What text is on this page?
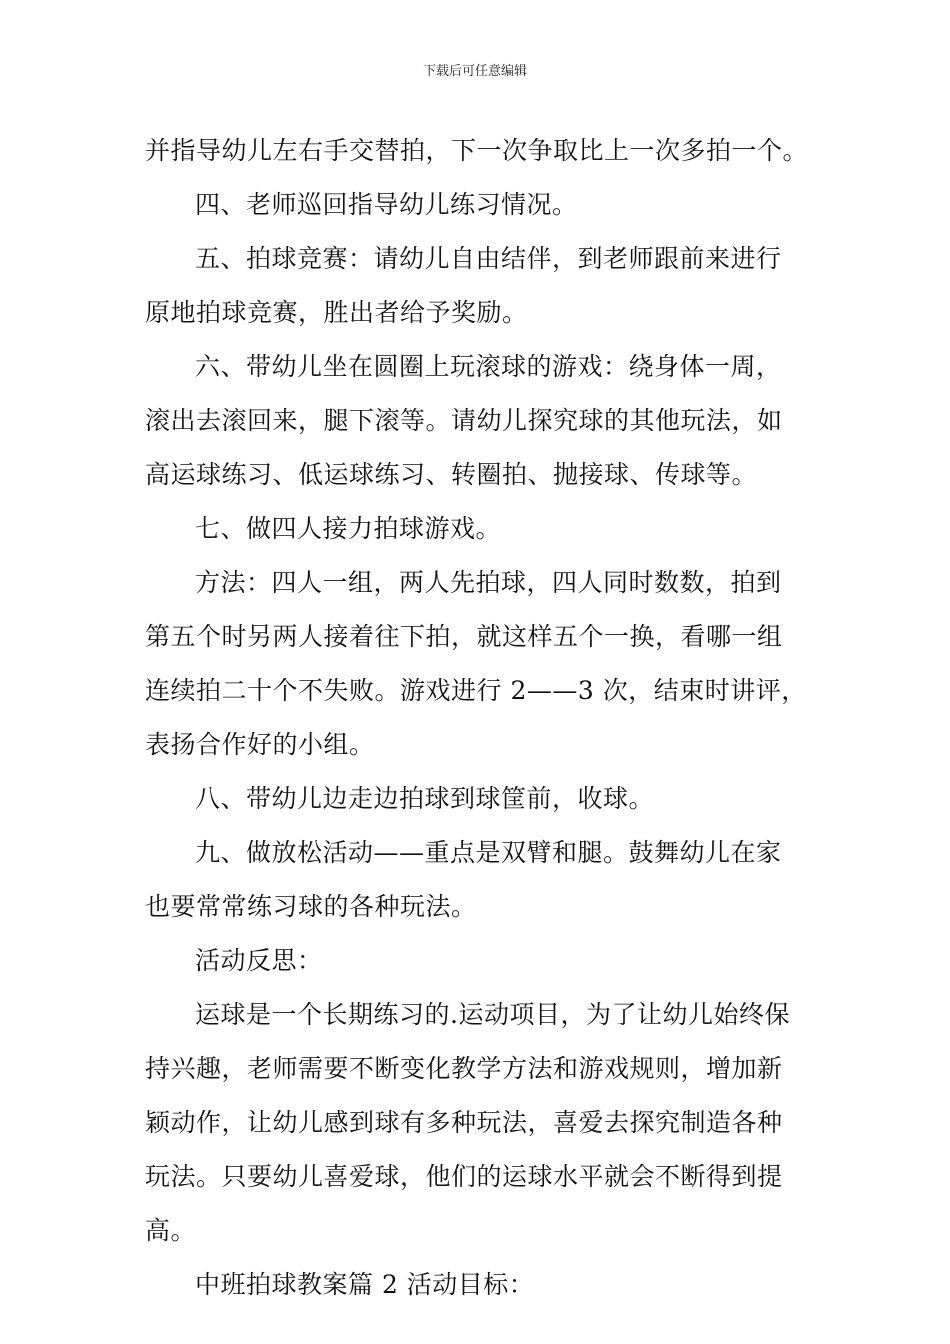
下载后可任意编辑
并指导幼儿左右手交替拍，下一次争取比上一次多拍一个。
四、老师巡回指导幼儿练习情况。
五、拍球竞赛：请幼儿自由结伴，到老师跟前来进行
原地拍球竞赛，胜出者给予奖励。
六、带幼儿坐在圆圈上玩滚球的游戏：绕身体一周，
滚出去滚回来，腿下滚等。请幼儿探究球的其他玩法，如
高运球练习、低运球练习、转圈拍、抛接球、传球等。
七、做四人接力拍球游戏。
方法：四人一组，两人先拍球，四人同时数数，拍到
第五个时另两人接着往下拍，就这样五个一换，看哪一组
连续拍二十个不失败。游戏进行 2——3 次，结束时讲评，
表扬合作好的小组。
八、带幼儿边走边拍球到球筐前，收球。
九、做放松活动——重点是双臂和腿。鼓舞幼儿在家
也要常常练习球的各种玩法。
活动反思：
运球是一个长期练习的.运动项目，为了让幼儿始终保
持兴趣，老师需要不断变化教学方法和游戏规则，增加新
颖动作，让幼儿感到球有多种玩法，喜爱去探究制造各种
玩法。只要幼儿喜爱球，他们的运球水平就会不断得到提
高。
中班拍球教案篇 2 活动目标：
